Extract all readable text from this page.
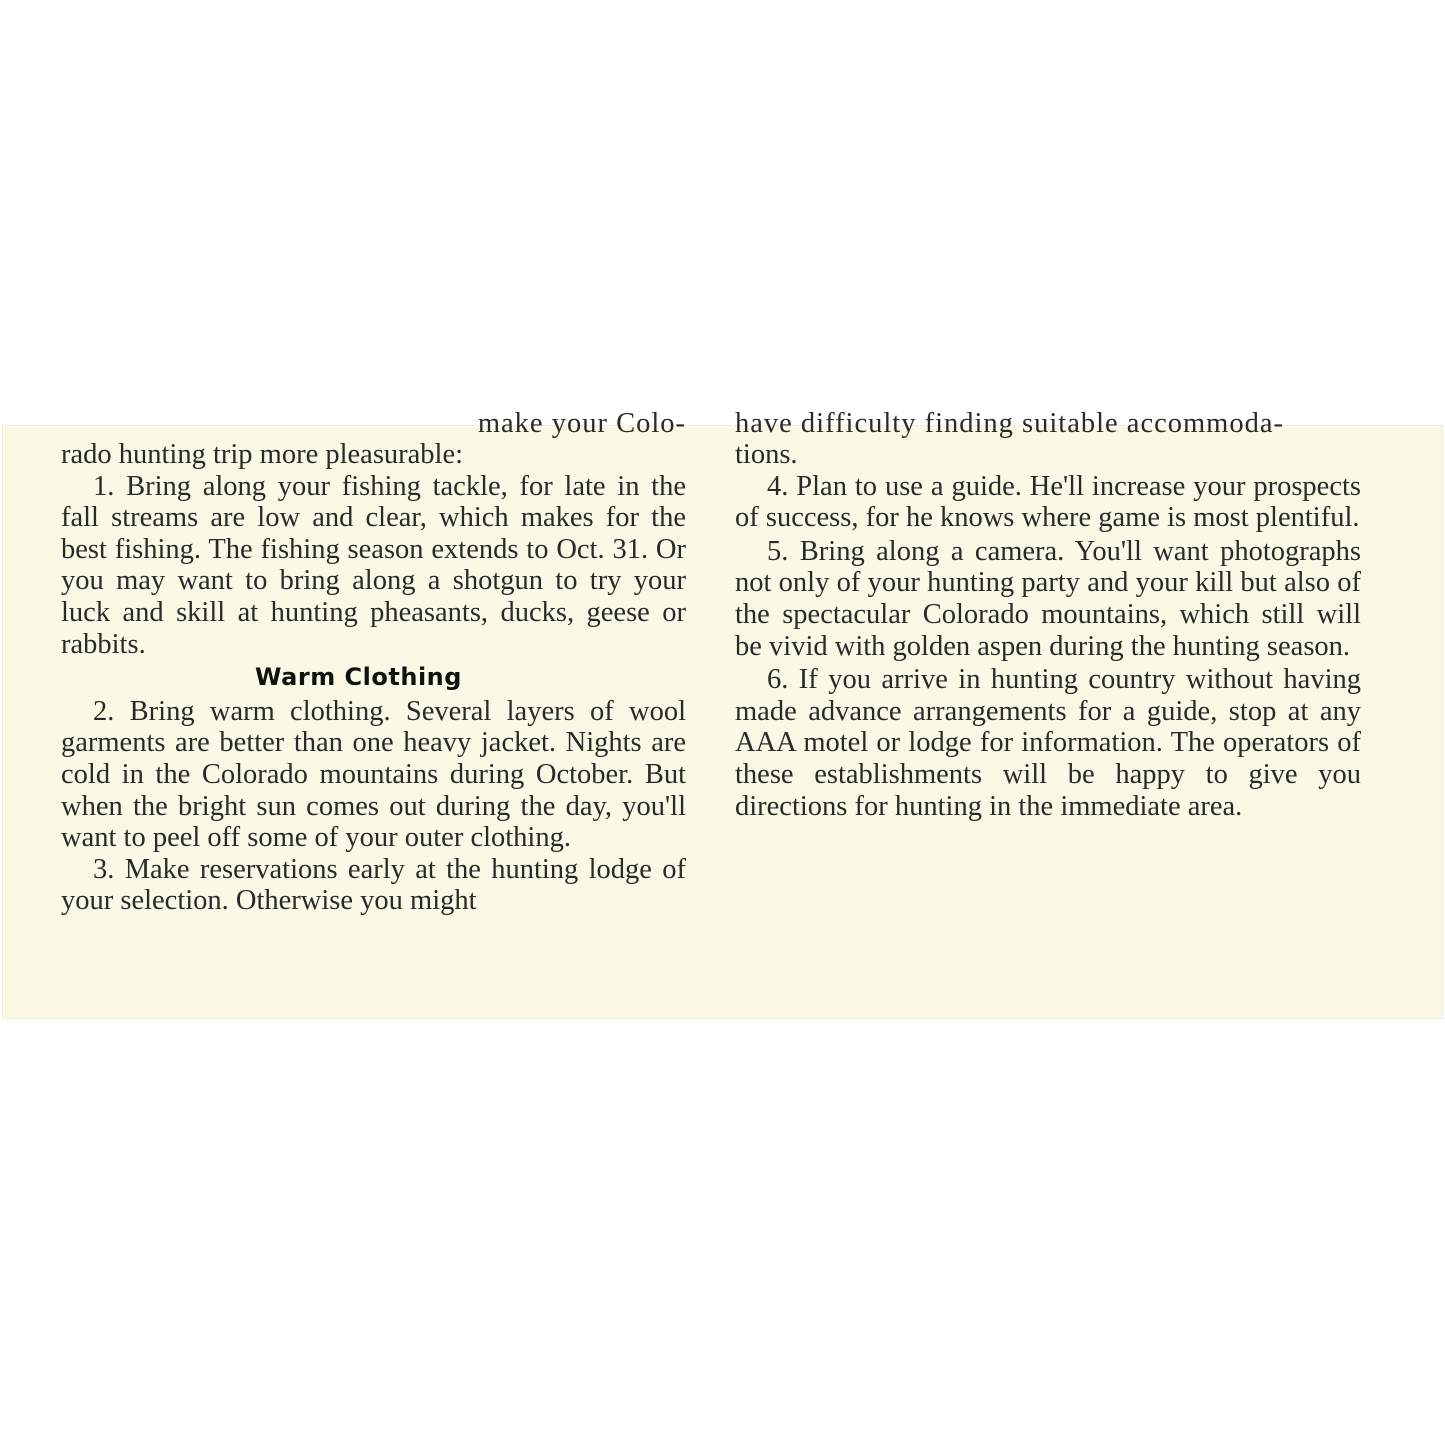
make your Colo-

rado hunting trip more pleasurable:

1. Bring along your fishing tackle, for late in the fall streams are low and clear, which makes for the best fishing. The fishing season extends to Oct. 31. Or you may want to bring along a shotgun to try your luck and skill at hunting pheasants, ducks, geese or rabbits.

Warm Clothing

2. Bring warm clothing. Several layers of wool garments are better than one heavy jacket. Nights are cold in the Colorado mountains during October. But when the bright sun comes out during the day, you'll want to peel off some of your outer clothing.

3. Make reservations early at the hunting lodge of your selection. Otherwise you might

have difficulty finding suitable accommoda-

tions.

4. Plan to use a guide. He'll increase your prospects of success, for he knows where game is most plentiful.

5. Bring along a camera. You'll want photographs not only of your hunting party and your kill but also of the spectacular Colorado mountains, which still will be vivid with golden aspen during the hunting season.

6. If you arrive in hunting country without having made advance arrangements for a guide, stop at any AAA motel or lodge for information. The operators of these establishments will be happy to give you directions for hunting in the immediate area.
